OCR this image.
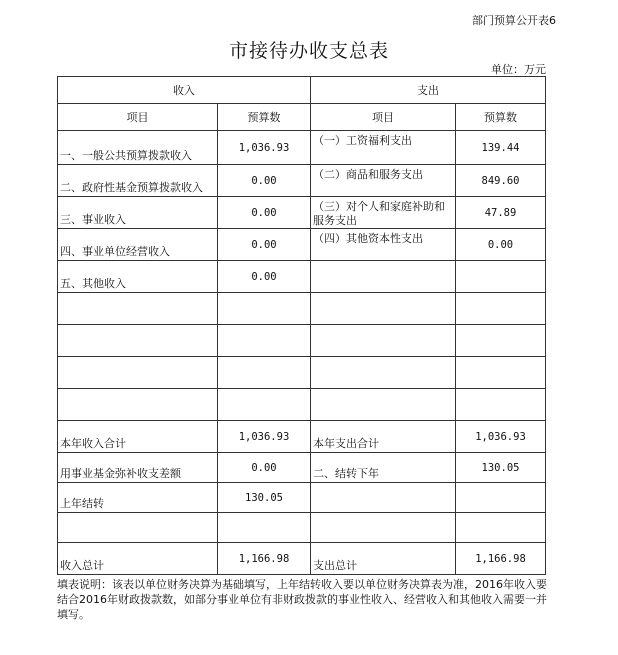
部门预算公开表6
市接待办收支总表
单位：万元
收入		支出	
项目	预算数	项目	预算数
一、一般公共预算拨款收入	1,036.93	（一）工资福利支出	139.44
二、政府性基金预算拨款收入	0.00	（二）商品和服务支出	849.60
三、事业收入	0.00	（三）对个人和家庭补助和服务支出	47.89
四、事业单位经营收入	0.00	（四）其他资本性支出	0.00
五、其他收入	0.00		

本年收入合计	1,036.93	本年支出合计	1,036.93
用事业基金弥补收支差额	0.00	二、结转下年	130.05
上年结转	130.05		

收入总计	1,166.98	支出总计	1,166.98
填表说明：该表以单位财务决算为基础填写，上年结转收入要以单位财务决算表为准，2016年收入要结合2016年财政拨款数，如部分事业单位有非财政拨款的事业性收入、经营收入和其他收入需要一并填写。
